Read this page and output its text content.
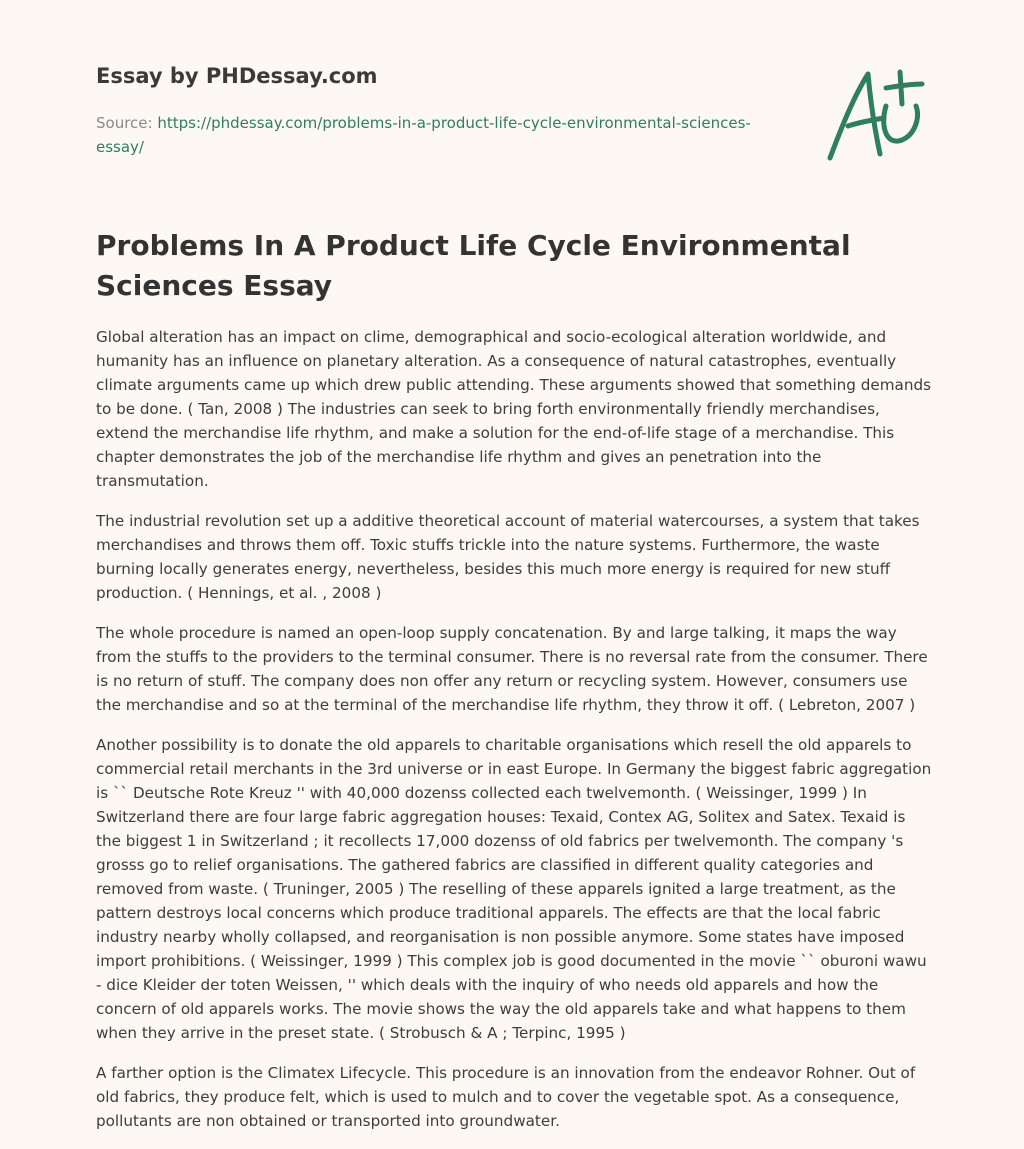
Essay by PHDessay.com

Source: https://phdessay.com/problems-in-a-product-life-cycle-environmental-sciences-essay/

Problems In A Product Life Cycle Environmental Sciences Essay

Global alteration has an impact on clime, demographical and socio-ecological alteration worldwide, and humanity has an influence on planetary alteration. As a consequence of natural catastrophes, eventually climate arguments came up which drew public attending. These arguments showed that something demands to be done. ( Tan, 2008 ) The industries can seek to bring forth environmentally friendly merchandises, extend the merchandise life rhythm, and make a solution for the end-of-life stage of a merchandise. This chapter demonstrates the job of the merchandise life rhythm and gives an penetration into the transmutation.

The industrial revolution set up a additive theoretical account of material watercourses, a system that takes merchandises and throws them off. Toxic stuffs trickle into the nature systems. Furthermore, the waste burning locally generates energy, nevertheless, besides this much more energy is required for new stuff production. ( Hennings, et al. , 2008 )

The whole procedure is named an open-loop supply concatenation. By and large talking, it maps the way from the stuffs to the providers to the terminal consumer. There is no reversal rate from the consumer. There is no return of stuff. The company does non offer any return or recycling system. However, consumers use the merchandise and so at the terminal of the merchandise life rhythm, they throw it off. ( Lebreton, 2007 )

Another possibility is to donate the old apparels to charitable organisations which resell the old apparels to commercial retail merchants in the 3rd universe or in east Europe. In Germany the biggest fabric aggregation is `` Deutsche Rote Kreuz '' with 40,000 dozenss collected each twelvemonth. ( Weissinger, 1999 ) In Switzerland there are four large fabric aggregation houses: Texaid, Contex AG, Solitex and Satex. Texaid is the biggest 1 in Switzerland ; it recollects 17,000 dozenss of old fabrics per twelvemonth. The company 's grosss go to relief organisations. The gathered fabrics are classified in different quality categories and removed from waste. ( Truninger, 2005 ) The reselling of these apparels ignited a large treatment, as the pattern destroys local concerns which produce traditional apparels. The effects are that the local fabric industry nearby wholly collapsed, and reorganisation is non possible anymore. Some states have imposed import prohibitions. ( Weissinger, 1999 ) This complex job is good documented in the movie `` oburoni wawu - dice Kleider der toten Weissen, '' which deals with the inquiry of who needs old apparels and how the concern of old apparels works. The movie shows the way the old apparels take and what happens to them when they arrive in the preset state. ( Strobusch & A ; Terpinc, 1995 )

A farther option is the Climatex Lifecycle. This procedure is an innovation from the endeavor Rohner. Out of old fabrics, they produce felt, which is used to mulch and to cover the vegetable spot. As a consequence, pollutants are non obtained or transported into groundwater.
